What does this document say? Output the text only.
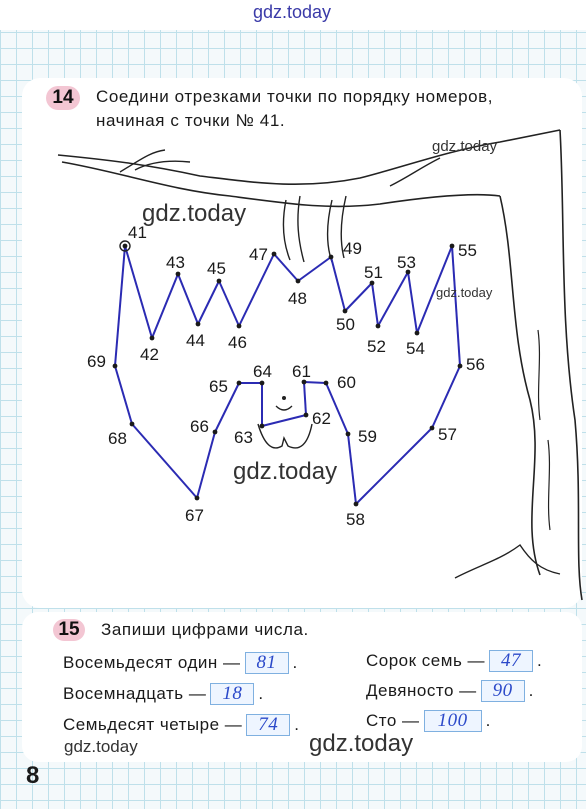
gdz.today
14	Соедини отрезками точки по порядку номеров,
начиная с точки № 41.
41
42
43
44
45
46
47
48
49
50
51
52
53
54
55
56
57
58
59
60
61
62
63
64
65
66
67
68
69
gdz.today
gdz.today
gdz.today
gdz.today
15	Запиши цифрами числа.
Восемьдесят один — 81 .
Восемнадцать — 18 .
Семьдесят четыре — 74 .
Сорок семь — 47 .
Девяносто — 90 .
Сто — 100	.
gdz.today	gdz.today
8
